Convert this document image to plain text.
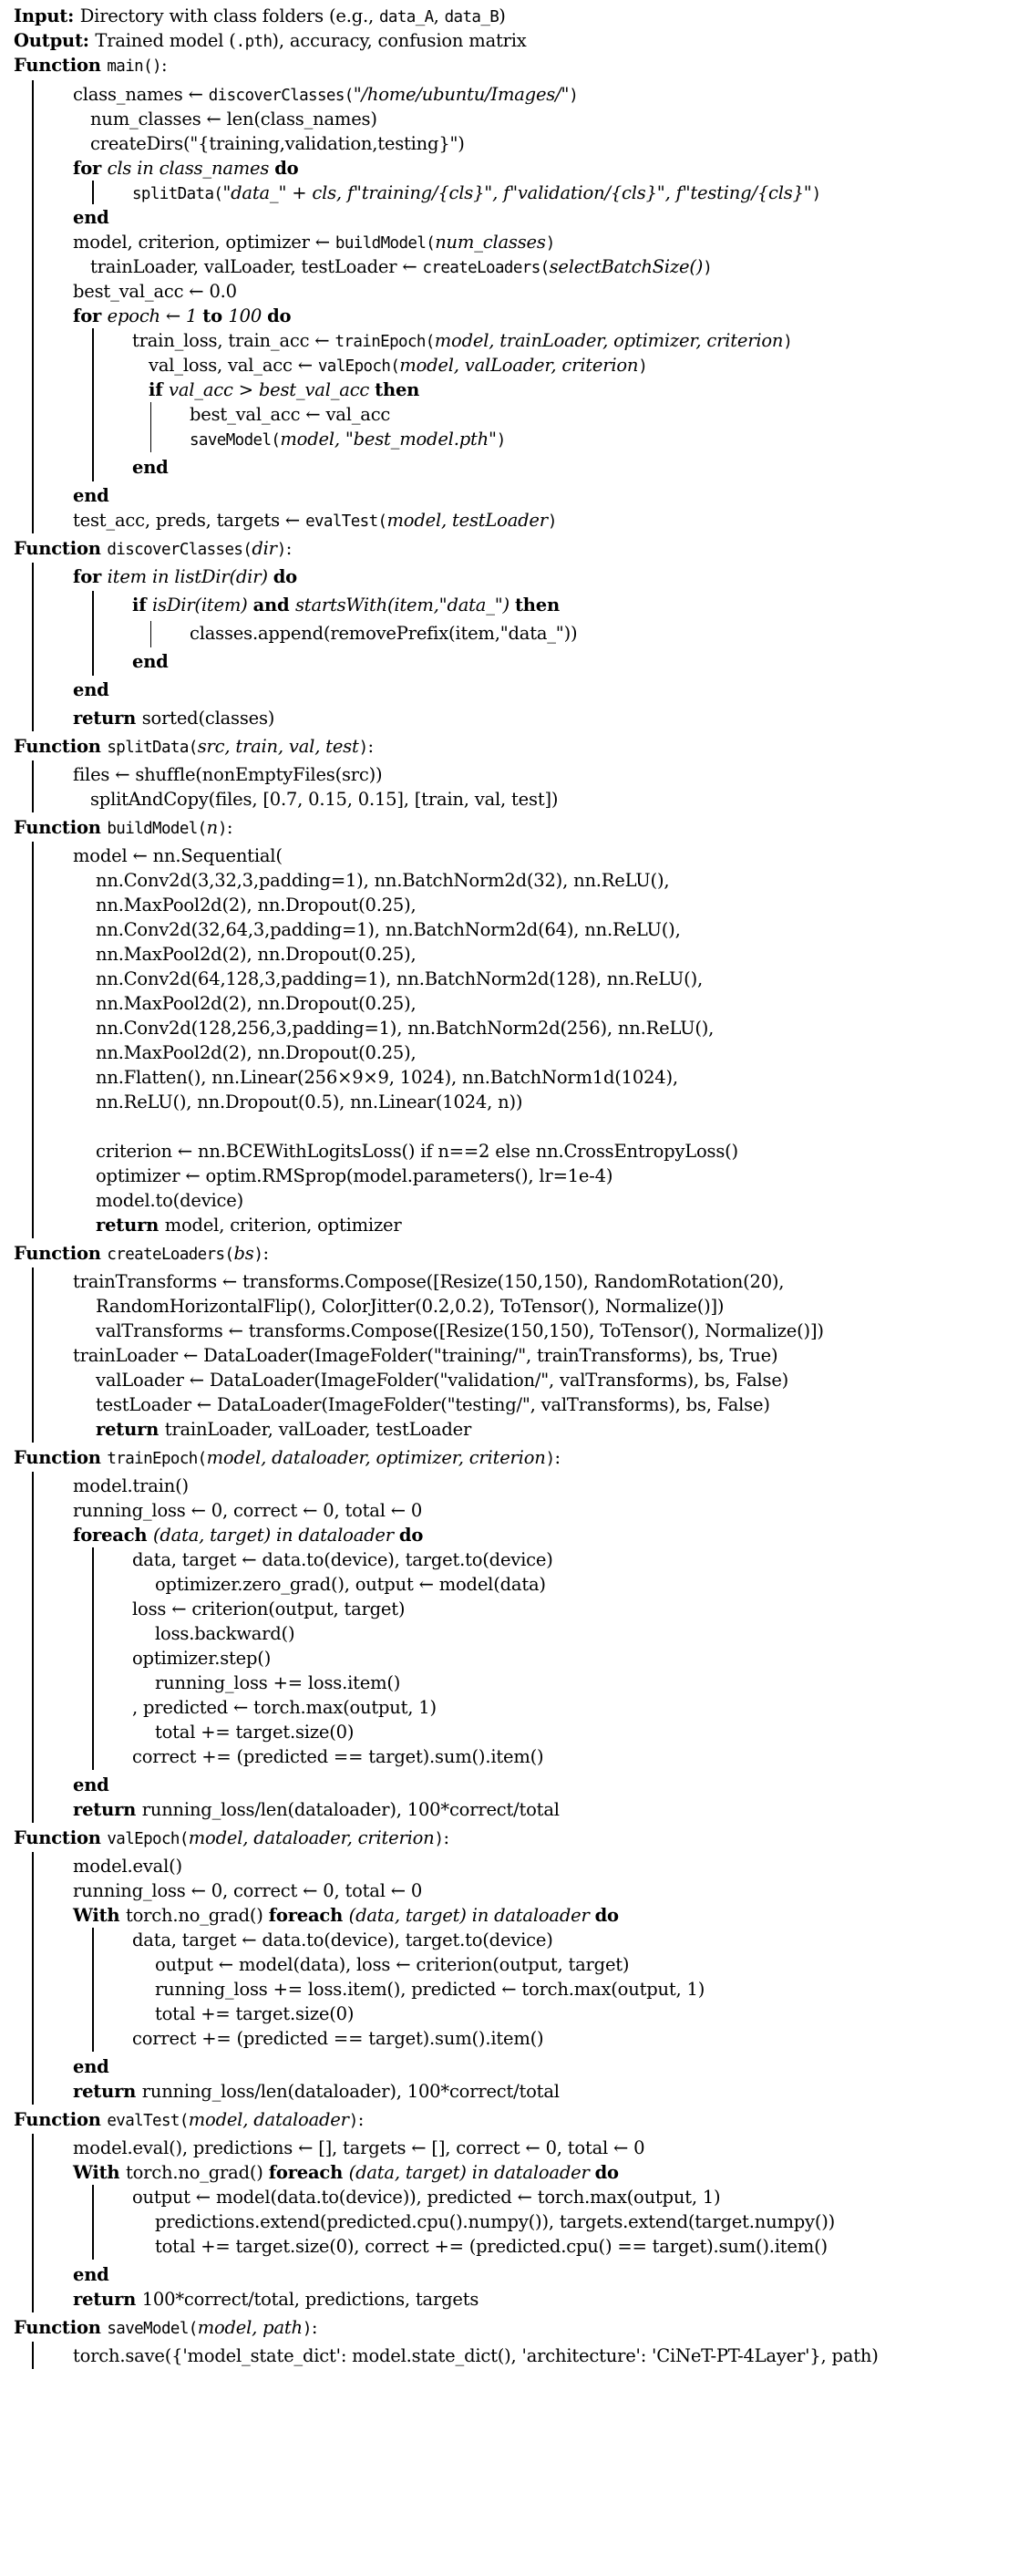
Input: Directory with class folders (e.g., data_A, data_B)
Output: Trained model (.pth), accuracy, confusion matrix
Function main():
class_names ← discoverClasses("/home/ubuntu/Images/")
num_classes ← len(class_names)
createDirs("{training,validation,testing}")
for cls in class_names do
splitData("data_" + cls, f"training/{cls}", f"validation/{cls}", f"testing/{cls}")
end
model, criterion, optimizer ← buildModel(num_classes)
trainLoader, valLoader, testLoader ← createLoaders(selectBatchSize())
best_val_acc ← 0.0
for epoch ← 1 to 100 do
train_loss, train_acc ← trainEpoch(model, trainLoader, optimizer, criterion)
val_loss, val_acc ← valEpoch(model, valLoader, criterion)
if val_acc > best_val_acc then
best_val_acc ← val_acc
saveModel(model, "best_model.pth")
end
end
test_acc, preds, targets ← evalTest(model, testLoader)
Function discoverClasses(dir):
for item in listDir(dir) do
if isDir(item) and startsWith(item,"data_") then
classes.append(removePrefix(item,"data_"))
end
end
return sorted(classes)
Function splitData(src, train, val, test):
files ← shuffle(nonEmptyFiles(src))
splitAndCopy(files, [0.7, 0.15, 0.15], [train, val, test])
Function buildModel(n):
model ← nn.Sequential(
nn.Conv2d(3,32,3,padding=1), nn.BatchNorm2d(32), nn.ReLU(),
nn.MaxPool2d(2), nn.Dropout(0.25),
nn.Conv2d(32,64,3,padding=1), nn.BatchNorm2d(64), nn.ReLU(),
nn.MaxPool2d(2), nn.Dropout(0.25),
nn.Conv2d(64,128,3,padding=1), nn.BatchNorm2d(128), nn.ReLU(),
nn.MaxPool2d(2), nn.Dropout(0.25),
nn.Conv2d(128,256,3,padding=1), nn.BatchNorm2d(256), nn.ReLU(),
nn.MaxPool2d(2), nn.Dropout(0.25),
nn.Flatten(), nn.Linear(256×9×9, 1024), nn.BatchNorm1d(1024),
nn.ReLU(), nn.Dropout(0.5), nn.Linear(1024, n))
criterion ← nn.BCEWithLogitsLoss() if n==2 else nn.CrossEntropyLoss()
optimizer ← optim.RMSprop(model.parameters(), lr=1e-4)
model.to(device)
return model, criterion, optimizer
Function createLoaders(bs):
trainTransforms ← transforms.Compose([Resize(150,150), RandomRotation(20),
RandomHorizontalFlip(), ColorJitter(0.2,0.2), ToTensor(), Normalize()])
valTransforms ← transforms.Compose([Resize(150,150), ToTensor(), Normalize()])
trainLoader ← DataLoader(ImageFolder("training/", trainTransforms), bs, True)
valLoader ← DataLoader(ImageFolder("validation/", valTransforms), bs, False)
testLoader ← DataLoader(ImageFolder("testing/", valTransforms), bs, False)
return trainLoader, valLoader, testLoader
Function trainEpoch(model, dataloader, optimizer, criterion):
model.train()
running_loss ← 0, correct ← 0, total ← 0
foreach (data, target) in dataloader do
data, target ← data.to(device), target.to(device)
optimizer.zero_grad(), output ← model(data)
loss ← criterion(output, target)
loss.backward()
optimizer.step()
running_loss += loss.item()
, predicted ← torch.max(output, 1)
total += target.size(0)
correct += (predicted == target).sum().item()
end
return running_loss/len(dataloader), 100*correct/total
Function valEpoch(model, dataloader, criterion):
model.eval()
running_loss ← 0, correct ← 0, total ← 0
With torch.no_grad() foreach (data, target) in dataloader do
data, target ← data.to(device), target.to(device)
output ← model(data), loss ← criterion(output, target)
running_loss += loss.item(), predicted ← torch.max(output, 1)
total += target.size(0)
correct += (predicted == target).sum().item()
end
return running_loss/len(dataloader), 100*correct/total
Function evalTest(model, dataloader):
model.eval(), predictions ← [], targets ← [], correct ← 0, total ← 0
With torch.no_grad() foreach (data, target) in dataloader do
output ← model(data.to(device)), predicted ← torch.max(output, 1)
predictions.extend(predicted.cpu().numpy()), targets.extend(target.numpy())
total += target.size(0), correct += (predicted.cpu() == target).sum().item()
end
return 100*correct/total, predictions, targets
Function saveModel(model, path):
torch.save({'model_state_dict': model.state_dict(), 'architecture': 'CiNeT-PT-4Layer'}, path)
